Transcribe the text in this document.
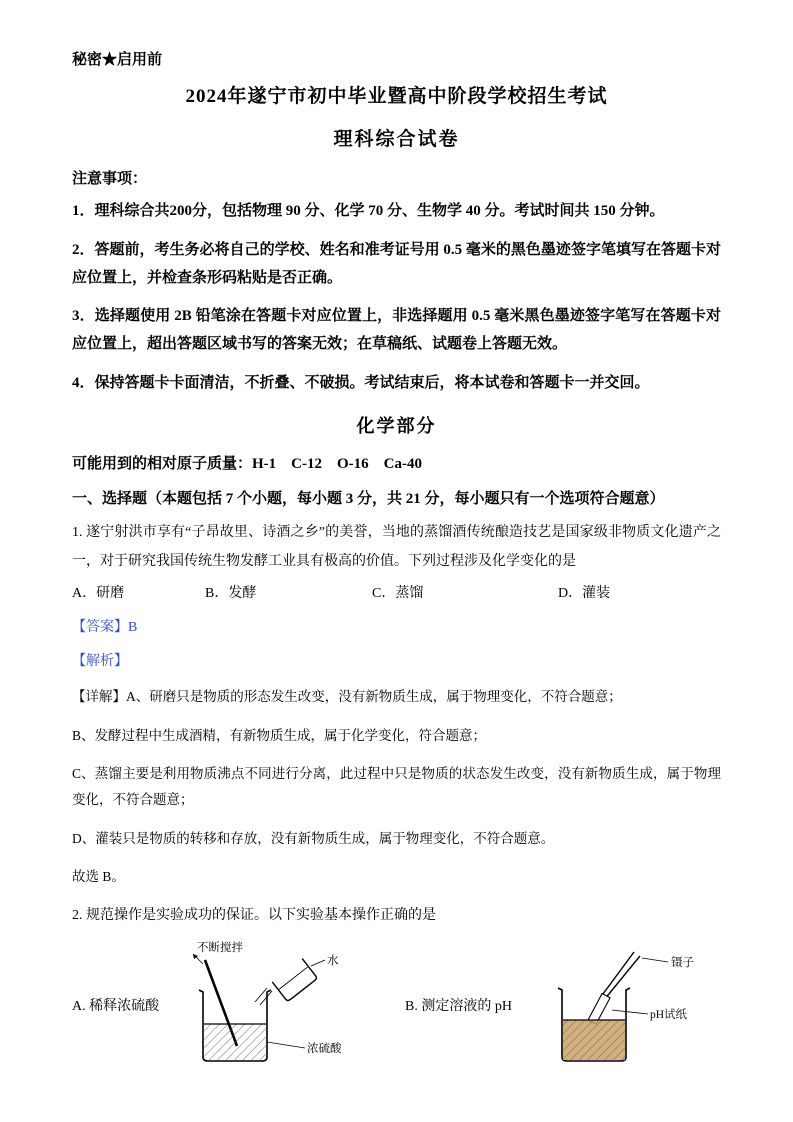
秘密★启用前
2024年遂宁市初中毕业暨高中阶段学校招生考试
理科综合试卷
注意事项：
1．理科综合共200分，包括物理 90 分、化学 70 分、生物学 40 分。考试时间共 150 分钟。
2．答题前，考生务必将自己的学校、姓名和准考证号用 0.5 毫米的黑色墨迹签字笔填写在答题卡对应位置上，并检查条形码粘贴是否正确。
3．选择题使用 2B 铅笔涂在答题卡对应位置上，非选择题用 0.5 毫米黑色墨迹签字笔写在答题卡对应位置上，超出答题区域书写的答案无效；在草稿纸、试题卷上答题无效。
4．保持答题卡卡面清洁，不折叠、不破损。考试结束后，将本试卷和答题卡一并交回。
化学部分
可能用到的相对原子质量：H-1　C-12　O-16　Ca-40
一、选择题（本题包括 7 个小题，每小题 3 分，共 21 分，每小题只有一个选项符合题意）
1. 遂宁射洪市享有“子昂故里、诗酒之乡”的美誉，当地的蒸馏酒传统酿造技艺是国家级非物质文化遗产之一，对于研究我国传统生物发酵工业具有极高的价值。下列过程涉及化学变化的是
A．研磨	B．发酵	C．蒸馏	D．灌装
【答案】B
【解析】

【详解】A、研磨只是物质的形态发生改变，没有新物质生成，属于物理变化，不符合题意；

B、发酵过程中生成酒精，有新物质生成，属于化学变化，符合题意；

C、蒸馏主要是利用物质沸点不同进行分离，此过程中只是物质的状态发生改变，没有新物质生成，属于物理变化，不符合题意；

D、灌装只是物质的转移和存放，没有新物质生成，属于物理变化，不符合题意。

故选 B。

2. 规范操作是实验成功的保证。以下实验基本操作正确的是
A. 稀释浓硫酸
不断搅拌
水
浓硫酸
B. 测定溶液的 pH
镊子
pH试纸
